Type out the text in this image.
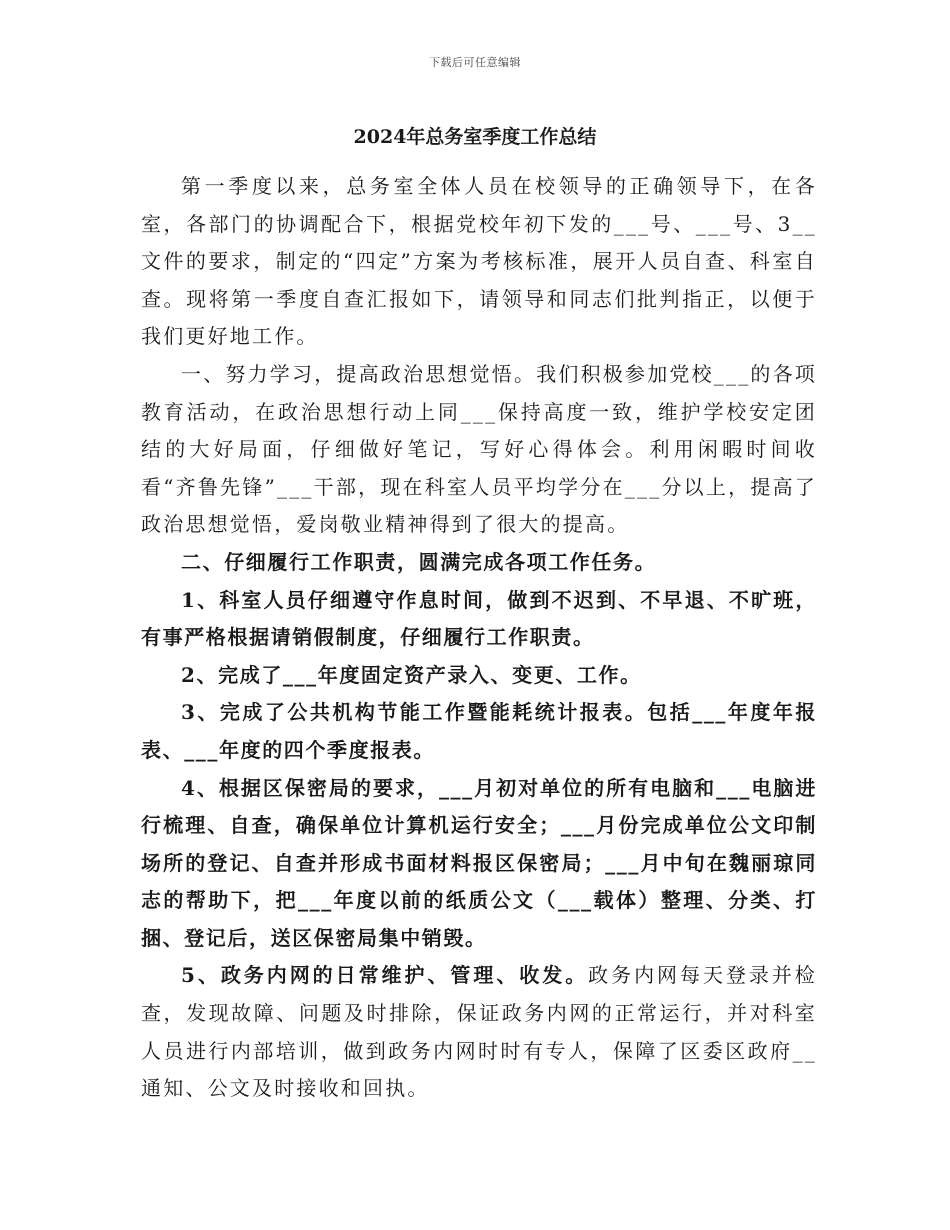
下载后可任意编辑
2024年总务室季度工作总结

第一季度以来，总务室全体人员在校领导的正确领导下，在各室，各部门的协调配合下，根据党校年初下发的___号、___号、3__文件的要求，制定的“四定”方案为考核标准，展开人员自查、科室自查。现将第一季度自查汇报如下，请领导和同志们批判指正，以便于我们更好地工作。

一、努力学习，提高政治思想觉悟。我们积极参加党校___的各项教育活动，在政治思想行动上同___保持高度一致，维护学校安定团结的大好局面，仔细做好笔记，写好心得体会。利用闲暇时间收看“齐鲁先锋”___干部，现在科室人员平均学分在___分以上，提高了政治思想觉悟，爱岗敬业精神得到了很大的提高。

二、仔细履行工作职责，圆满完成各项工作任务。

1、科室人员仔细遵守作息时间，做到不迟到、不早退、不旷班，有事严格根据请销假制度，仔细履行工作职责。

2、完成了___年度固定资产录入、变更、工作。

3、完成了公共机构节能工作暨能耗统计报表。包括___年度年报表、___年度的四个季度报表。

4、根据区保密局的要求，___月初对单位的所有电脑和___电脑进行梳理、自查，确保单位计算机运行安全；___月份完成单位公文印制场所的登记、自查并形成书面材料报区保密局；___月中旬在魏丽琼同志的帮助下，把___年度以前的纸质公文（___载体）整理、分类、打捆、登记后，送区保密局集中销毁。

5、政务内网的日常维护、管理、收发。政务内网每天登录并检查，发现故障、问题及时排除，保证政务内网的正常运行，并对科室人员进行内部培训，做到政务内网时时有专人，保障了区委区政府__通知、公文及时接收和回执。
